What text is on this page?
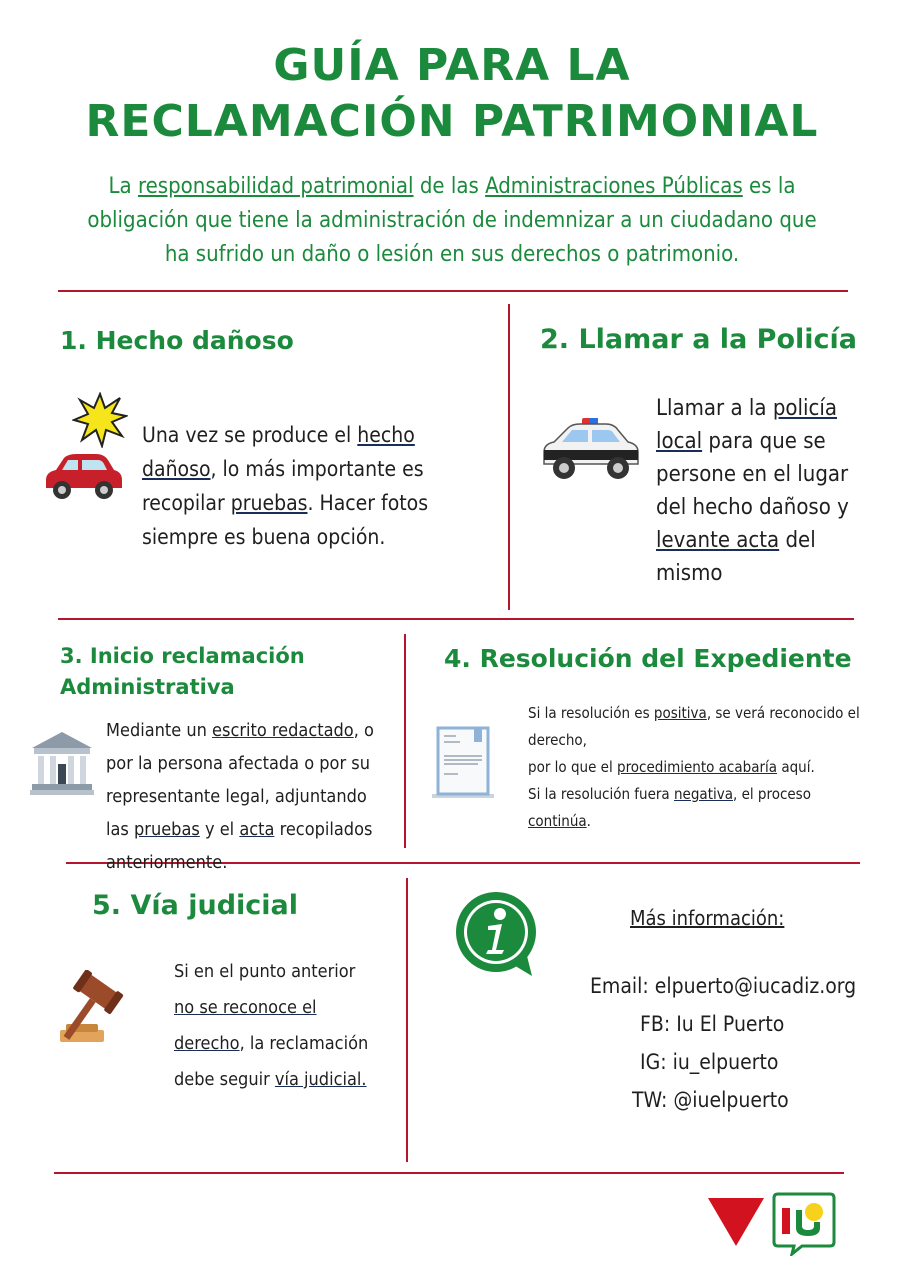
GUÍA PARA LA
RECLAMACIÓN PATRIMONIAL

La responsabilidad patrimonial de las Administraciones Públicas es la obligación que tiene la administración de indemnizar a un ciudadano que ha sufrido un daño o lesión en sus derechos o patrimonio.

1. Hecho dañoso

Una vez se produce el hecho dañoso, lo más importante es recopilar pruebas. Hacer fotos siempre es buena opción.

2. Llamar a la Policía

Llamar a la policía local para que se persone en el lugar del hecho dañoso y levante acta del mismo

3. Inicio reclamación
Administrativa

Mediante un escrito redactado, o por la persona afectada o por su representante legal, adjuntando las pruebas y el acta recopilados anteriormente.

4. Resolución del Expediente

Si la resolución es positiva, se verá reconocido el derecho,
por lo que el procedimiento acabaría aquí.
Si la resolución fuera negativa, el proceso continúa.

5. Vía judicial

Si en el punto anterior no se reconoce el derecho, la reclamación debe seguir vía judicial.

Más información:
Email: elpuerto@iucadiz.org
FB: Iu El Puerto
IG: iu_elpuerto
TW: @iuelpuerto
